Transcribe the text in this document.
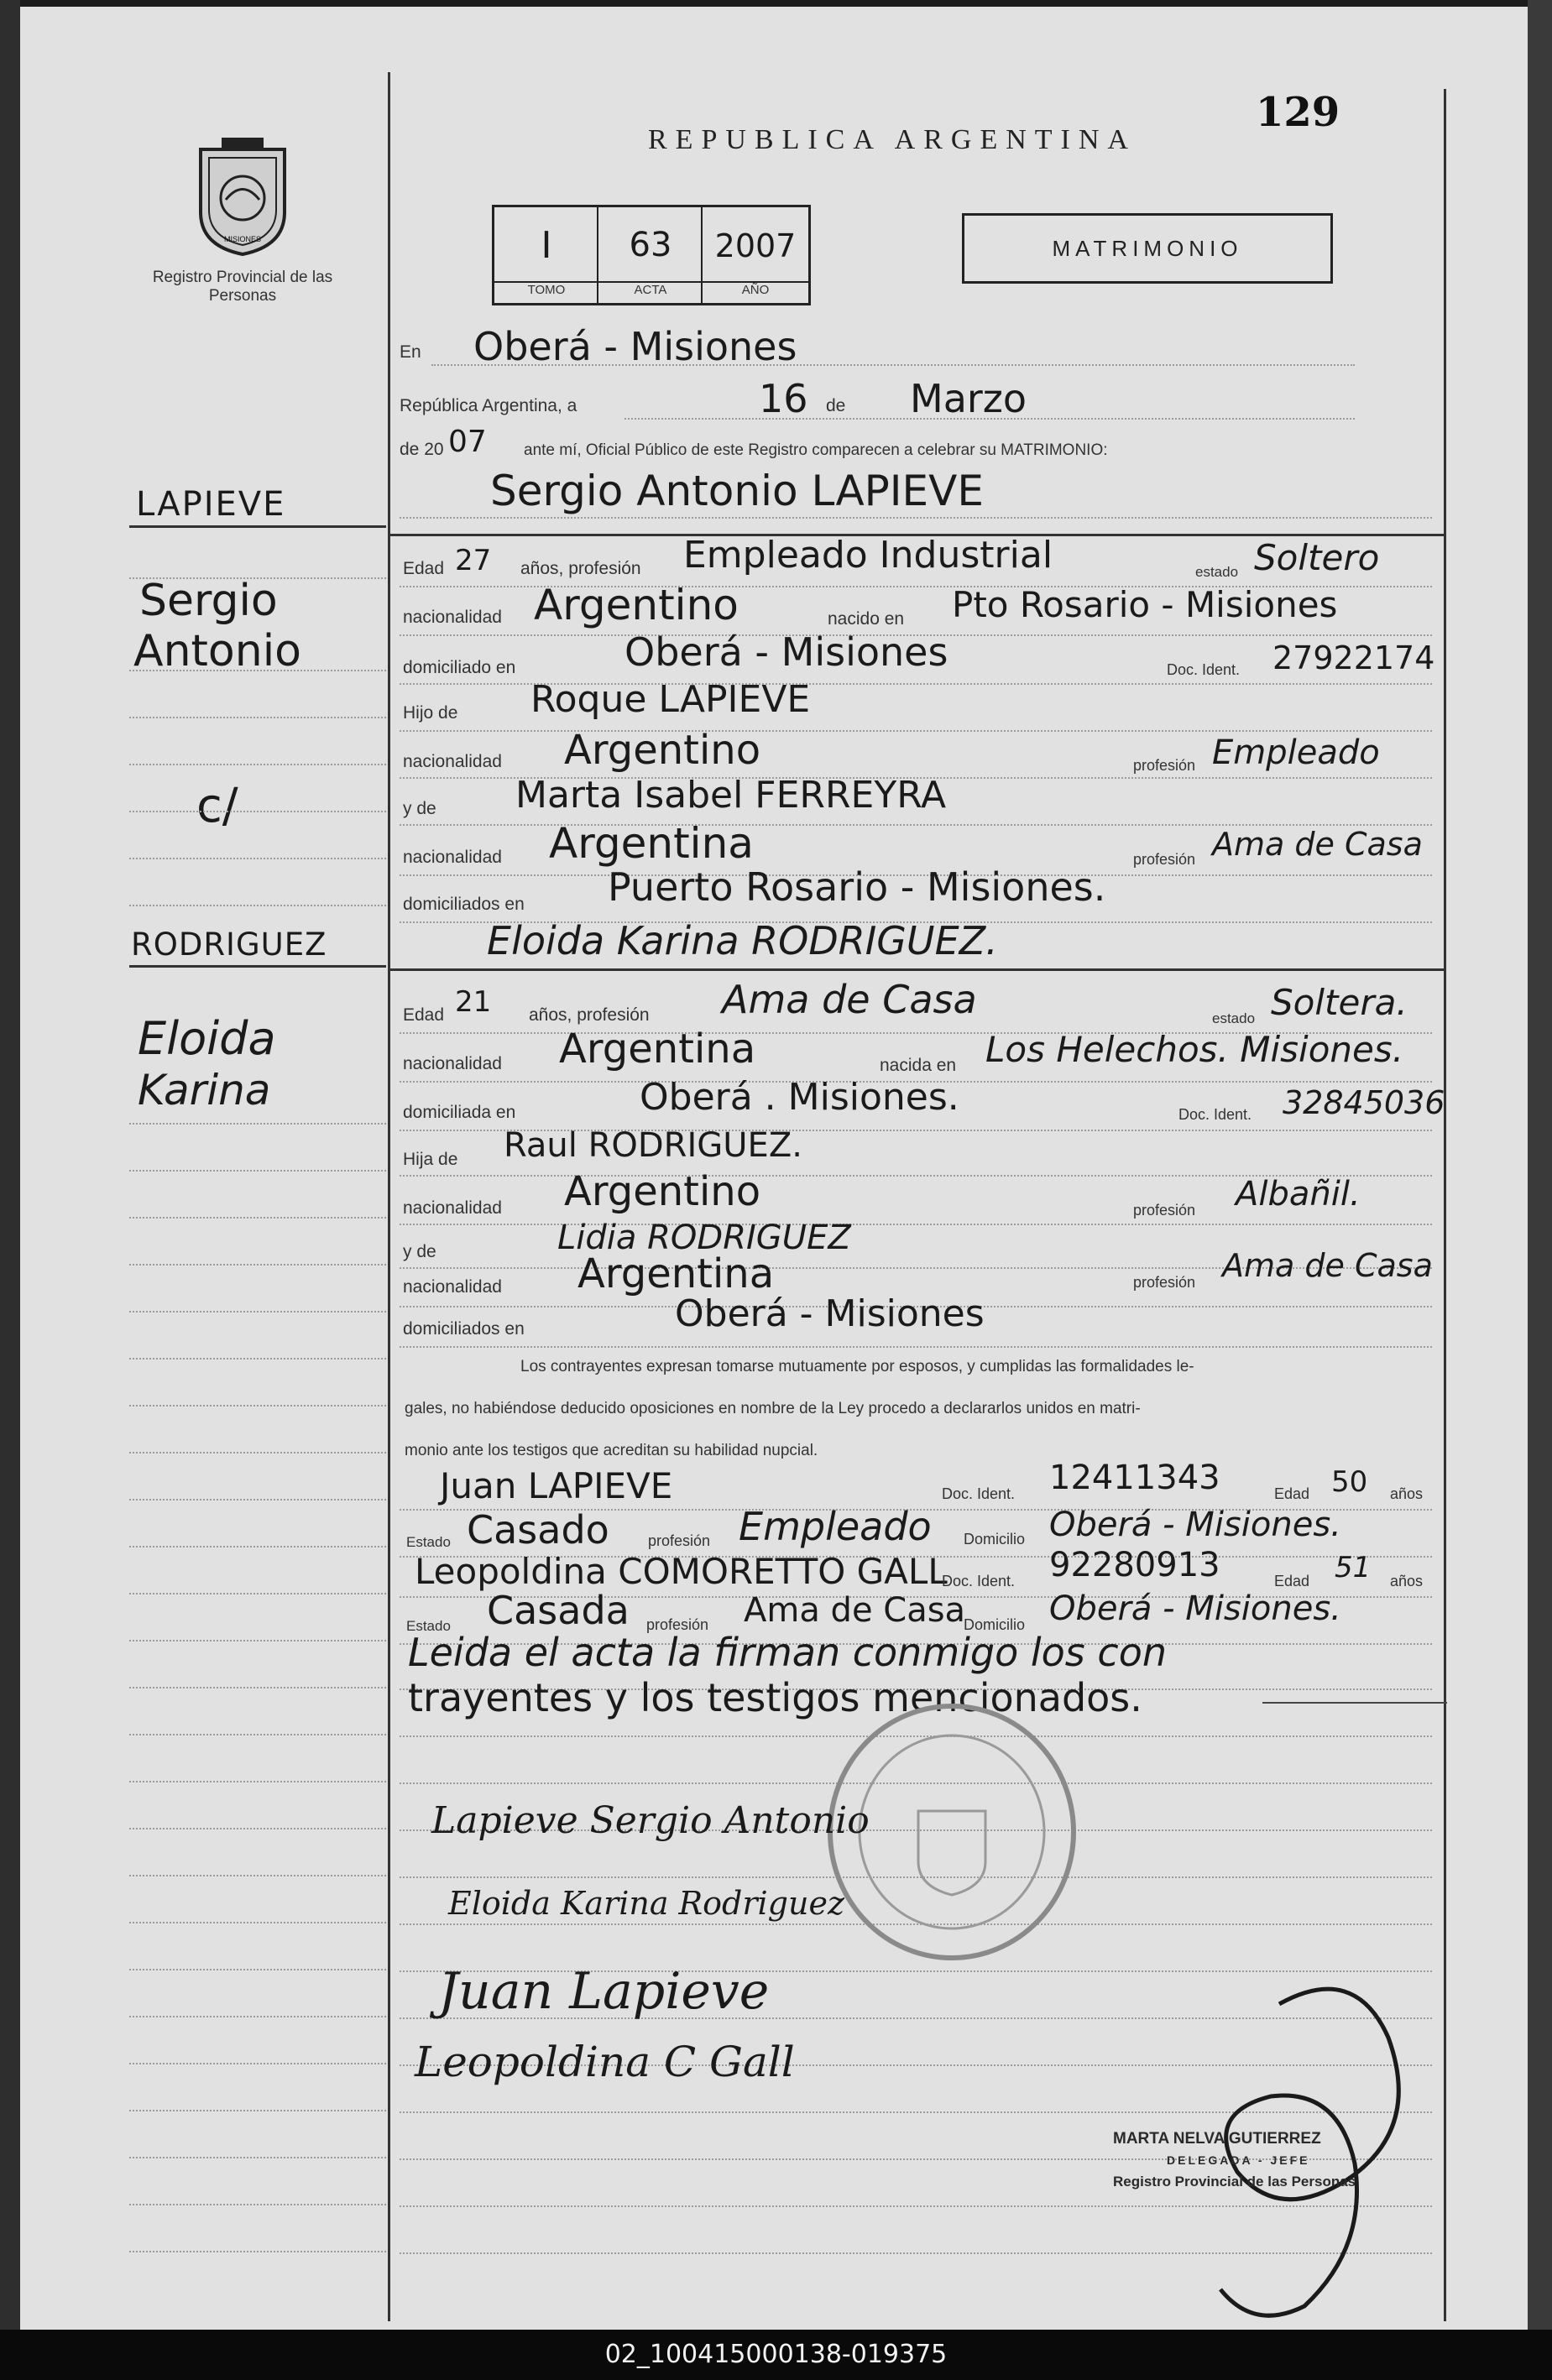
MISIONES
Registro Provincial de las Personas
REPUBLICA ARGENTINA
129
MATRIMONIO
I	63	2007
TOMO	ACTA	AÑO
LAPIEVE
Sergio
Antonio
c/
RODRIGUEZ
Eloida
Karina
En Oberá - Misiones
República Argentina, a	16 de Marzo
de 20 07 ante mí, Oficial Público de este Registro comparecen a celebrar su MATRIMONIO:
Sergio Antonio LAPIEVE
Edad 27 años, profesión Empleado Industrial	estado Soltero
nacionalidad Argentino	nacido en Pto Rosario - Misiones
domiciliado en	Oberá - Misiones	Doc. Ident. 27922174
Hijo de Roque LAPIEVE
nacionalidad Argentino	profesión Empleado
y de Marta Isabel FERREYRA
nacionalidad Argentina	profesión Ama de Casa
domiciliados en Puerto Rosario - Misiones.
Eloida Karina RODRIGUEZ.
Edad 21 años, profesión Ama de Casa	estado Soltera.
nacionalidad Argentina	nacida en Los Helechos. Misiones.
domiciliada en	Oberá . Misiones.	Doc. Ident. 32845036
Hija de Raul RODRIGUEZ.
nacionalidad Argentino	profesión Albañil.
y de	Lidia RODRIGUEZ
nacionalidad Argentina	profesión Ama de Casa
domiciliados en	Oberá - Misiones
Los contrayentes expresan tomarse mutuamente por esposos, y cumplidas las formalidades le-
gales, no habiéndose deducido oposiciones en nombre de la Ley procedo a declararlos unidos en matri-
monio ante los testigos que acreditan su habilidad nupcial.
Juan LAPIEVE	Doc. Ident. 12411343	Edad 50 años
Estado Casado	profesión Empleado Domicilio Oberá - Misiones.
Leopoldina COMORETTO GALL
Doc. Ident. 92280913	Edad 51 años
Estado Casada profesión Ama de Casa
Domicilio Oberá - Misiones.
Leida el acta la firman conmigo los con
trayentes y los testigos mencionados.
Lapieve Sergio Antonio
Eloida Karina Rodriguez
Juan Lapieve
Leopoldina C Gall
MARTA NELVA GUTIERREZ
DELEGADA - JEFE
Registro Provincial de las Personas
02_100415000138-019375
